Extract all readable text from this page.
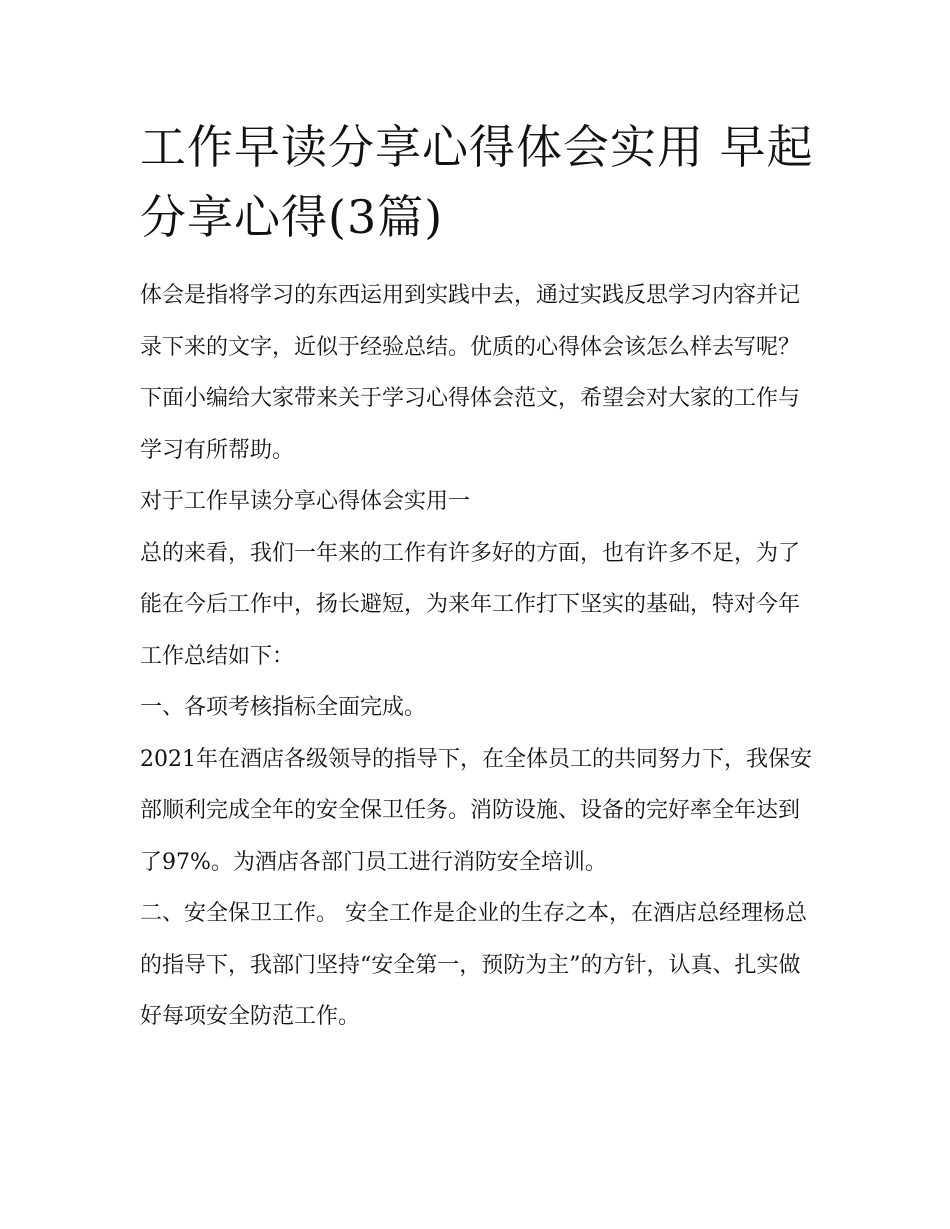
工作早读分享心得体会实用 早起分享心得(3篇)

体会是指将学习的东西运用到实践中去，通过实践反思学习内容并记录下来的文字，近似于经验总结。优质的心得体会该怎么样去写呢？下面小编给大家带来关于学习心得体会范文，希望会对大家的工作与学习有所帮助。

对于工作早读分享心得体会实用一

总的来看，我们一年来的工作有许多好的方面，也有许多不足，为了能在今后工作中，扬长避短，为来年工作打下坚实的基础，特对今年工作总结如下：

一、各项考核指标全面完成。

2021年在酒店各级领导的指导下，在全体员工的共同努力下，我保安部顺利完成全年的安全保卫任务。消防设施、设备的完好率全年达到了97%。为酒店各部门员工进行消防安全培训。

二、安全保卫工作。 安全工作是企业的生存之本，在酒店总经理杨总的指导下，我部门坚持“安全第一，预防为主”的方针，认真、扎实做好每项安全防范工作。
